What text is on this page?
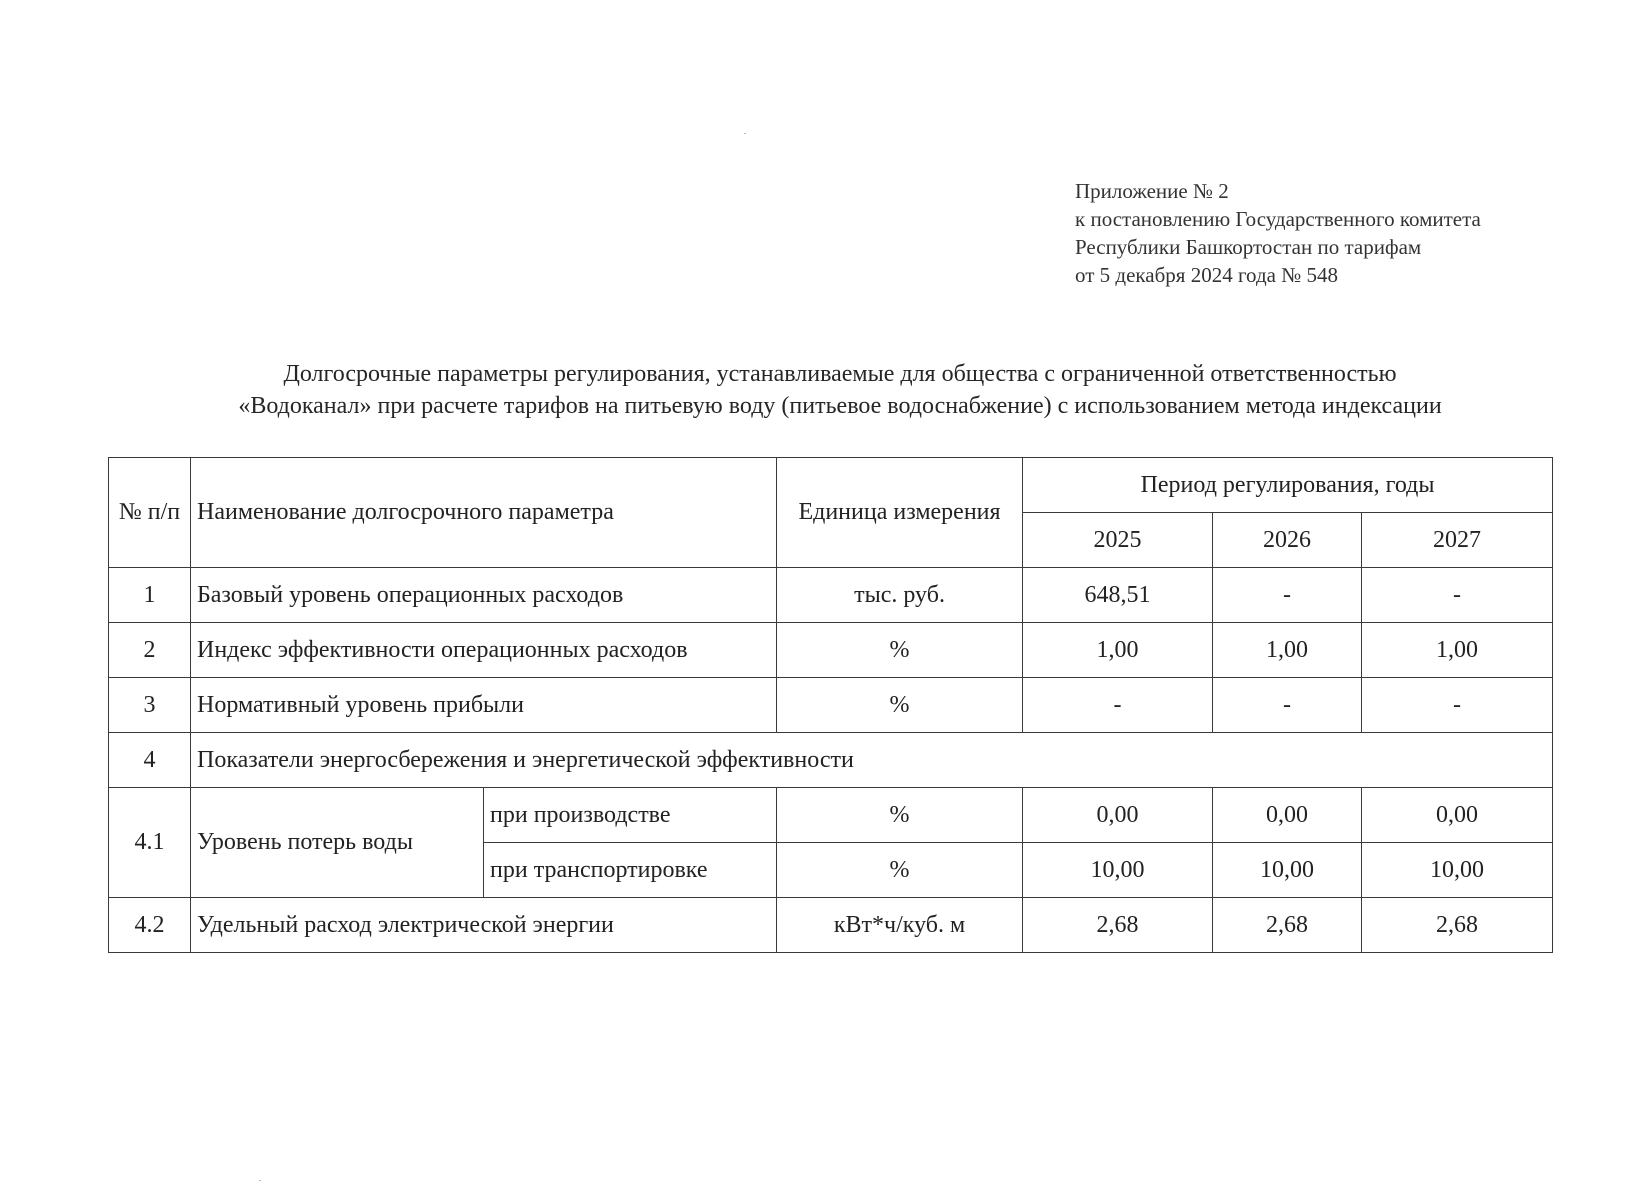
Приложение № 2
к постановлению Государственного комитета
Республики Башкортостан по тарифам
от 5 декабря 2024 года № 548
Долгосрочные параметры регулирования, устанавливаемые для общества с ограниченной ответственностью
«Водоканал» при расчете тарифов на питьевую воду (питьевое водоснабжение) с использованием метода индексации
№ п/п	Наименование долгосрочного параметра		Единица измерения	Период регулирования, годы		
				2025	2026	2027
1	Базовый уровень операционных расходов		тыс. руб.	648,51	-	-
2	Индекс эффективности операционных расходов		%	1,00	1,00	1,00
3	Нормативный уровень прибыли		%	-	-	-
4	Показатели энергосбережения и энергетической эффективности					
4.1	Уровень потерь воды	при производстве	%	0,00	0,00	0,00
		при транспортировке	%	10,00	10,00	10,00
4.2	Удельный расход электрической энергии		кВт*ч/куб. м	2,68	2,68	2,68
